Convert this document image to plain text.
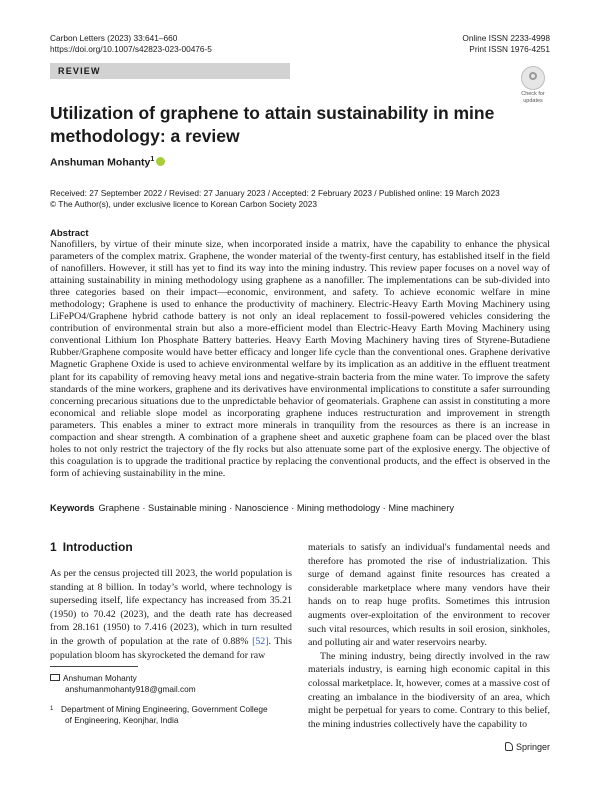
Carbon Letters (2023) 33:641–660
https://doi.org/10.1007/s42823-023-00476-5
Online ISSN 2233-4998
Print ISSN 1976-4251
REVIEW
Check for
updates
Utilization of graphene to attain sustainability in mine methodology: a review
Anshuman Mohanty$^1$
Received: 27 September 2022 / Revised: 27 January 2023 / Accepted: 2 February 2023 / Published online: 19 March 2023
© The Author(s), under exclusive licence to Korean Carbon Society 2023
Abstract
Nanofillers, by virtue of their minute size, when incorporated inside a matrix, have the capability to enhance the physical parameters of the complex matrix. Graphene, the wonder material of the twenty-first century, has established itself in the field of nanofillers. However, it still has yet to find its way into the mining industry. This review paper focuses on a novel way of attaining sustainability in mining methodology using graphene as a nanofiller. The implementations can be sub-divided into three categories based on their impact—economic, environment, and safety. To achieve economic welfare in mine methodology; Graphene is used to enhance the productivity of machinery. Electric-Heavy Earth Moving Machinery using LiFePO4/Graphene hybrid cathode battery is not only an ideal replacement to fossil-powered vehicles considering the contribution of environmental strain but also a more-efficient model than Electric-Heavy Earth Moving Machinery using conventional Lithium Ion Phosphate Battery batteries. Heavy Earth Moving Machinery having tires of Styrene-Butadiene Rubber/Graphene composite would have better efficacy and longer life cycle than the conventional ones. Graphene derivative Magnetic Graphene Oxide is used to achieve environmental welfare by its implication as an additive in the effluent treatment plant for its capability of removing heavy metal ions and negative-strain bacteria from the mine water. To improve the safety standards of the mine workers, graphene and its derivatives have environmental implications to constitute a safer surrounding concerning precarious situations due to the unpredictable behavior of geomaterials. Graphene can assist in constituting a more economical and reliable slope model as incorporating graphene induces restructuration and improvement in strength parameters. This enables a miner to extract more minerals in tranquility from the resources as there is an increase in compaction and shear strength. A combination of a graphene sheet and auxetic graphene foam can be placed over the blast holes to not only restrict the trajectory of the fly rocks but also attenuate some part of the explosive energy. The objective of this coagulation is to upgrade the traditional practice by replacing the conventional products, and the effect is observed in the form of achieving sustainability in the mine.
Keywords Graphene · Sustainable mining · Nanoscience · Mining methodology · Mine machinery
1 Introduction
As per the census projected till 2023, the world population is standing at 8 billion. In today’s world, where technology is superseding itself, life expectancy has increased from 35.21 (1950) to 70.42 (2023), and the death rate has decreased from 28.161 (1950) to 7.416 (2023), which in turn resulted in the growth of population at the rate of 0.88% [52]. This population bloom has skyrocketed the demand for raw

materials to satisfy an individual's fundamental needs and therefore has promoted the rise of industrialization. This surge of demand against finite resources has created a considerable marketplace where many vendors have their hands on to reap huge profits. Sometimes this intrusion augments over-exploitation of the environment to recover such vital resources, which results in soil erosion, sinkholes, and polluting air and water reservoirs nearby.

The mining industry, being directly involved in the raw materials industry, is earning high economic capital in this colossal marketplace. It, however, comes at a massive cost of creating an imbalance in the biodiversity of an area, which might be perpetual for years to come. Contrary to this belief, the mining industries collectively have the capability to

Anshuman Mohanty
anshumanmohanty918@gmail.com
$^1$ Department of Mining Engineering, Government College
of Engineering, Keonjhar, India
Springer
